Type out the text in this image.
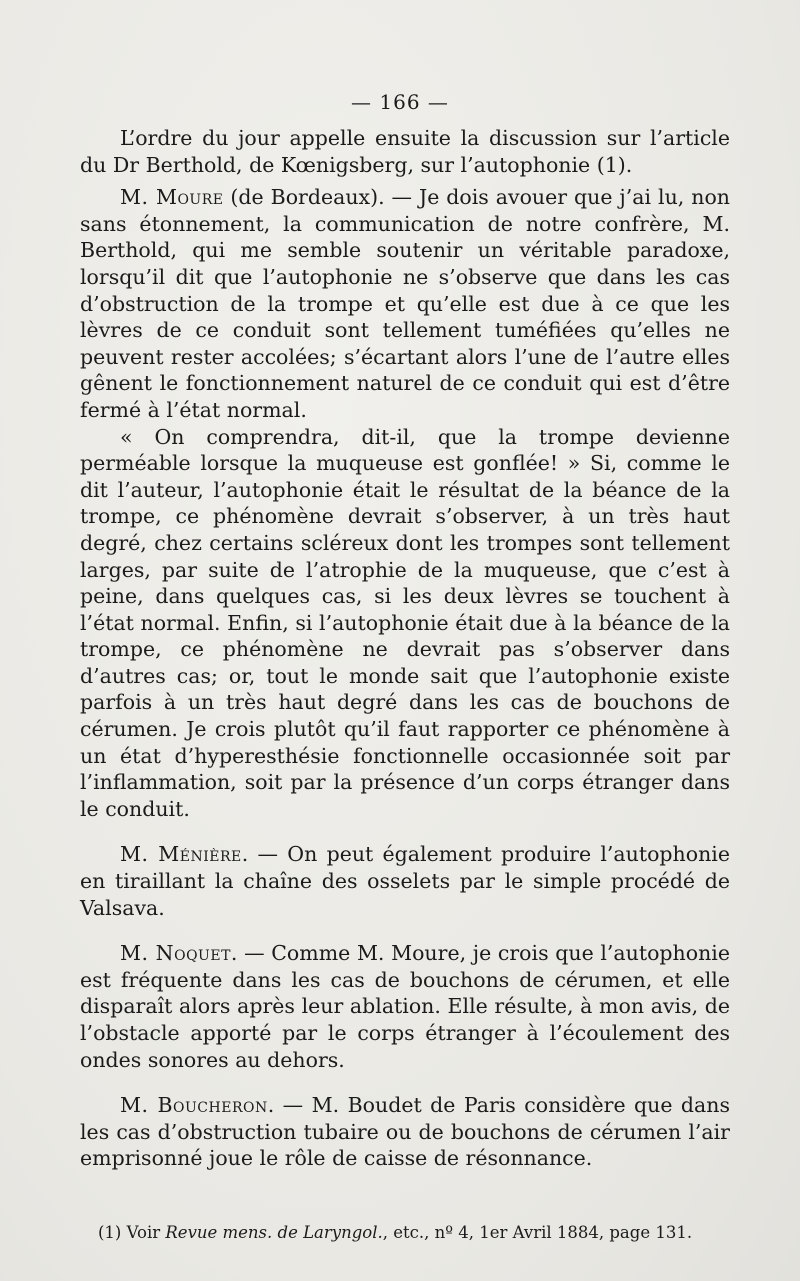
— 166 —

L’ordre du jour appelle ensuite la discussion sur l’article du Dr Berthold, de Kœnigsberg, sur l’autophonie (1).

M. Moure (de Bordeaux). — Je dois avouer que j’ai lu, non sans étonnement, la communication de notre confrère, M. Berthold, qui me semble soutenir un véritable paradoxe, lorsqu’il dit que l’autophonie ne s’observe que dans les cas d’obstruction de la trompe et qu’elle est due à ce que les lèvres de ce conduit sont tellement tuméfiées qu’elles ne peuvent rester accolées; s’écartant alors l’une de l’autre elles gênent le fonctionnement naturel de ce conduit qui est d’être fermé à l’état normal.

« On comprendra, dit-il, que la trompe devienne perméable lorsque la muqueuse est gonflée! » Si, comme le dit l’auteur, l’autophonie était le résultat de la béance de la trompe, ce phénomène devrait s’observer, à un très haut degré, chez certains scléreux dont les trompes sont tellement larges, par suite de l’atrophie de la muqueuse, que c’est à peine, dans quelques cas, si les deux lèvres se touchent à l’état normal. Enfin, si l’autophonie était due à la béance de la trompe, ce phénomène ne devrait pas s’observer dans d’autres cas; or, tout le monde sait que l’autophonie existe parfois à un très haut degré dans les cas de bouchons de cérumen. Je crois plutôt qu’il faut rapporter ce phénomène à un état d’hyperesthésie fonctionnelle occasionnée soit par l’inflammation, soit par la présence d’un corps étranger dans le conduit.

M. Ménière. — On peut également produire l’autophonie en tiraillant la chaîne des osselets par le simple procédé de Valsava.

M. Noquet. — Comme M. Moure, je crois que l’autophonie est fréquente dans les cas de bouchons de cérumen, et elle disparaît alors après leur ablation. Elle résulte, à mon avis, de l’obstacle apporté par le corps étranger à l’écoulement des ondes sonores au dehors.

M. Boucheron. — M. Boudet de Paris considère que dans les cas d’obstruction tubaire ou de bouchons de cérumen l’air emprisonné joue le rôle de caisse de résonnance.

(1) Voir Revue mens. de Laryngol., etc., nº 4, 1er Avril 1884, page 131.
